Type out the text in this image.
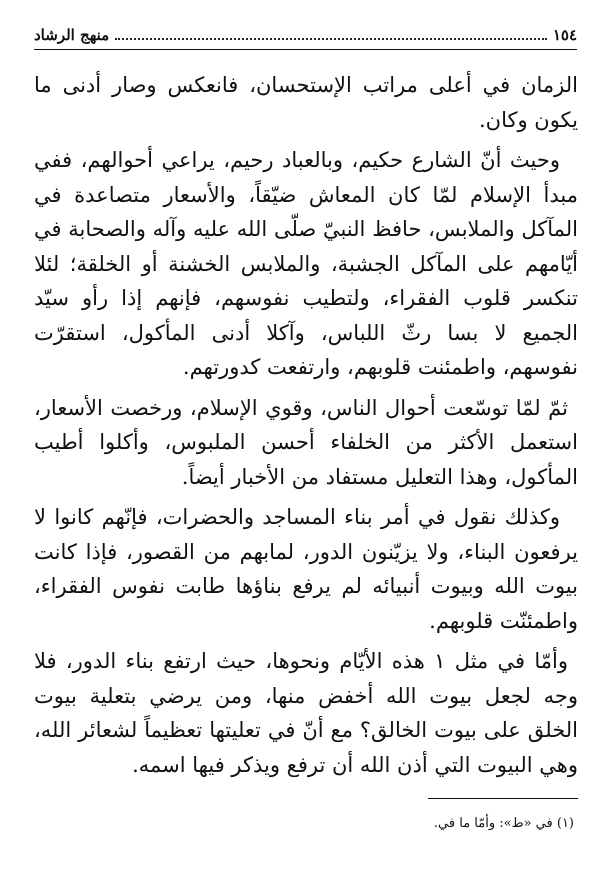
١٥٤
منهج الرشاد

الزمان في أعلى مراتب الإستحسان، فانعكس وصار أدنى ما يكون وكان.

وحيث أنّ الشارع حكيم، وبالعباد رحيم، يراعي أحوالهم، ففي مبدأ الإسلام لمّا كان المعاش ضيّقاً، والأسعار متصاعدة في المآكل والملابس، حافظ النبيّ صلّى الله عليه وآله والصحابة في أيّامهم على المآكل الجشبة، والملابس الخشنة أو الخلقة؛ لئلا تنكسر قلوب الفقراء، ولتطيب نفوسهم، فإنهم إذا رأو سيّد الجميع لا بسا رثّ اللباس، وآكلا أدنى المأكول، استقرّت نفوسهم، واطمئنت قلوبهم، وارتفعت كدورتهم.

ثمّ لمّا توسّعت أحوال الناس، وقوي الإسلام، ورخصت الأسعار، استعمل الأكثر من الخلفاء أحسن الملبوس، وأكلوا أطيب المأكول، وهذا التعليل مستفاد من الأخبار أيضاً.

وكذلك نقول في أمر بناء المساجد والحضرات، فإنّهم كانوا لا يرفعون البناء، ولا يزيّنون الدور، لمابهم من القصور، فإذا كانت بيوت الله وبيوت أنبيائه لم يرفع بناؤها طابت نفوس الفقراء، واطمئنّت قلوبهم.

وأمّا في مثل ١ هذه الأيّام ونحوها، حيث ارتفع بناء الدور، فلا وجه لجعل بيوت الله أخفض منها، ومن يرضي بتعلية بيوت الخلق على بيوت الخالق؟ مع أنّ في تعليتها تعظيماً لشعائر الله، وهي البيوت التي أذن الله أن ترفع ويذكر فيها اسمه.

(١) في «ط»: وأمّا ما في.
